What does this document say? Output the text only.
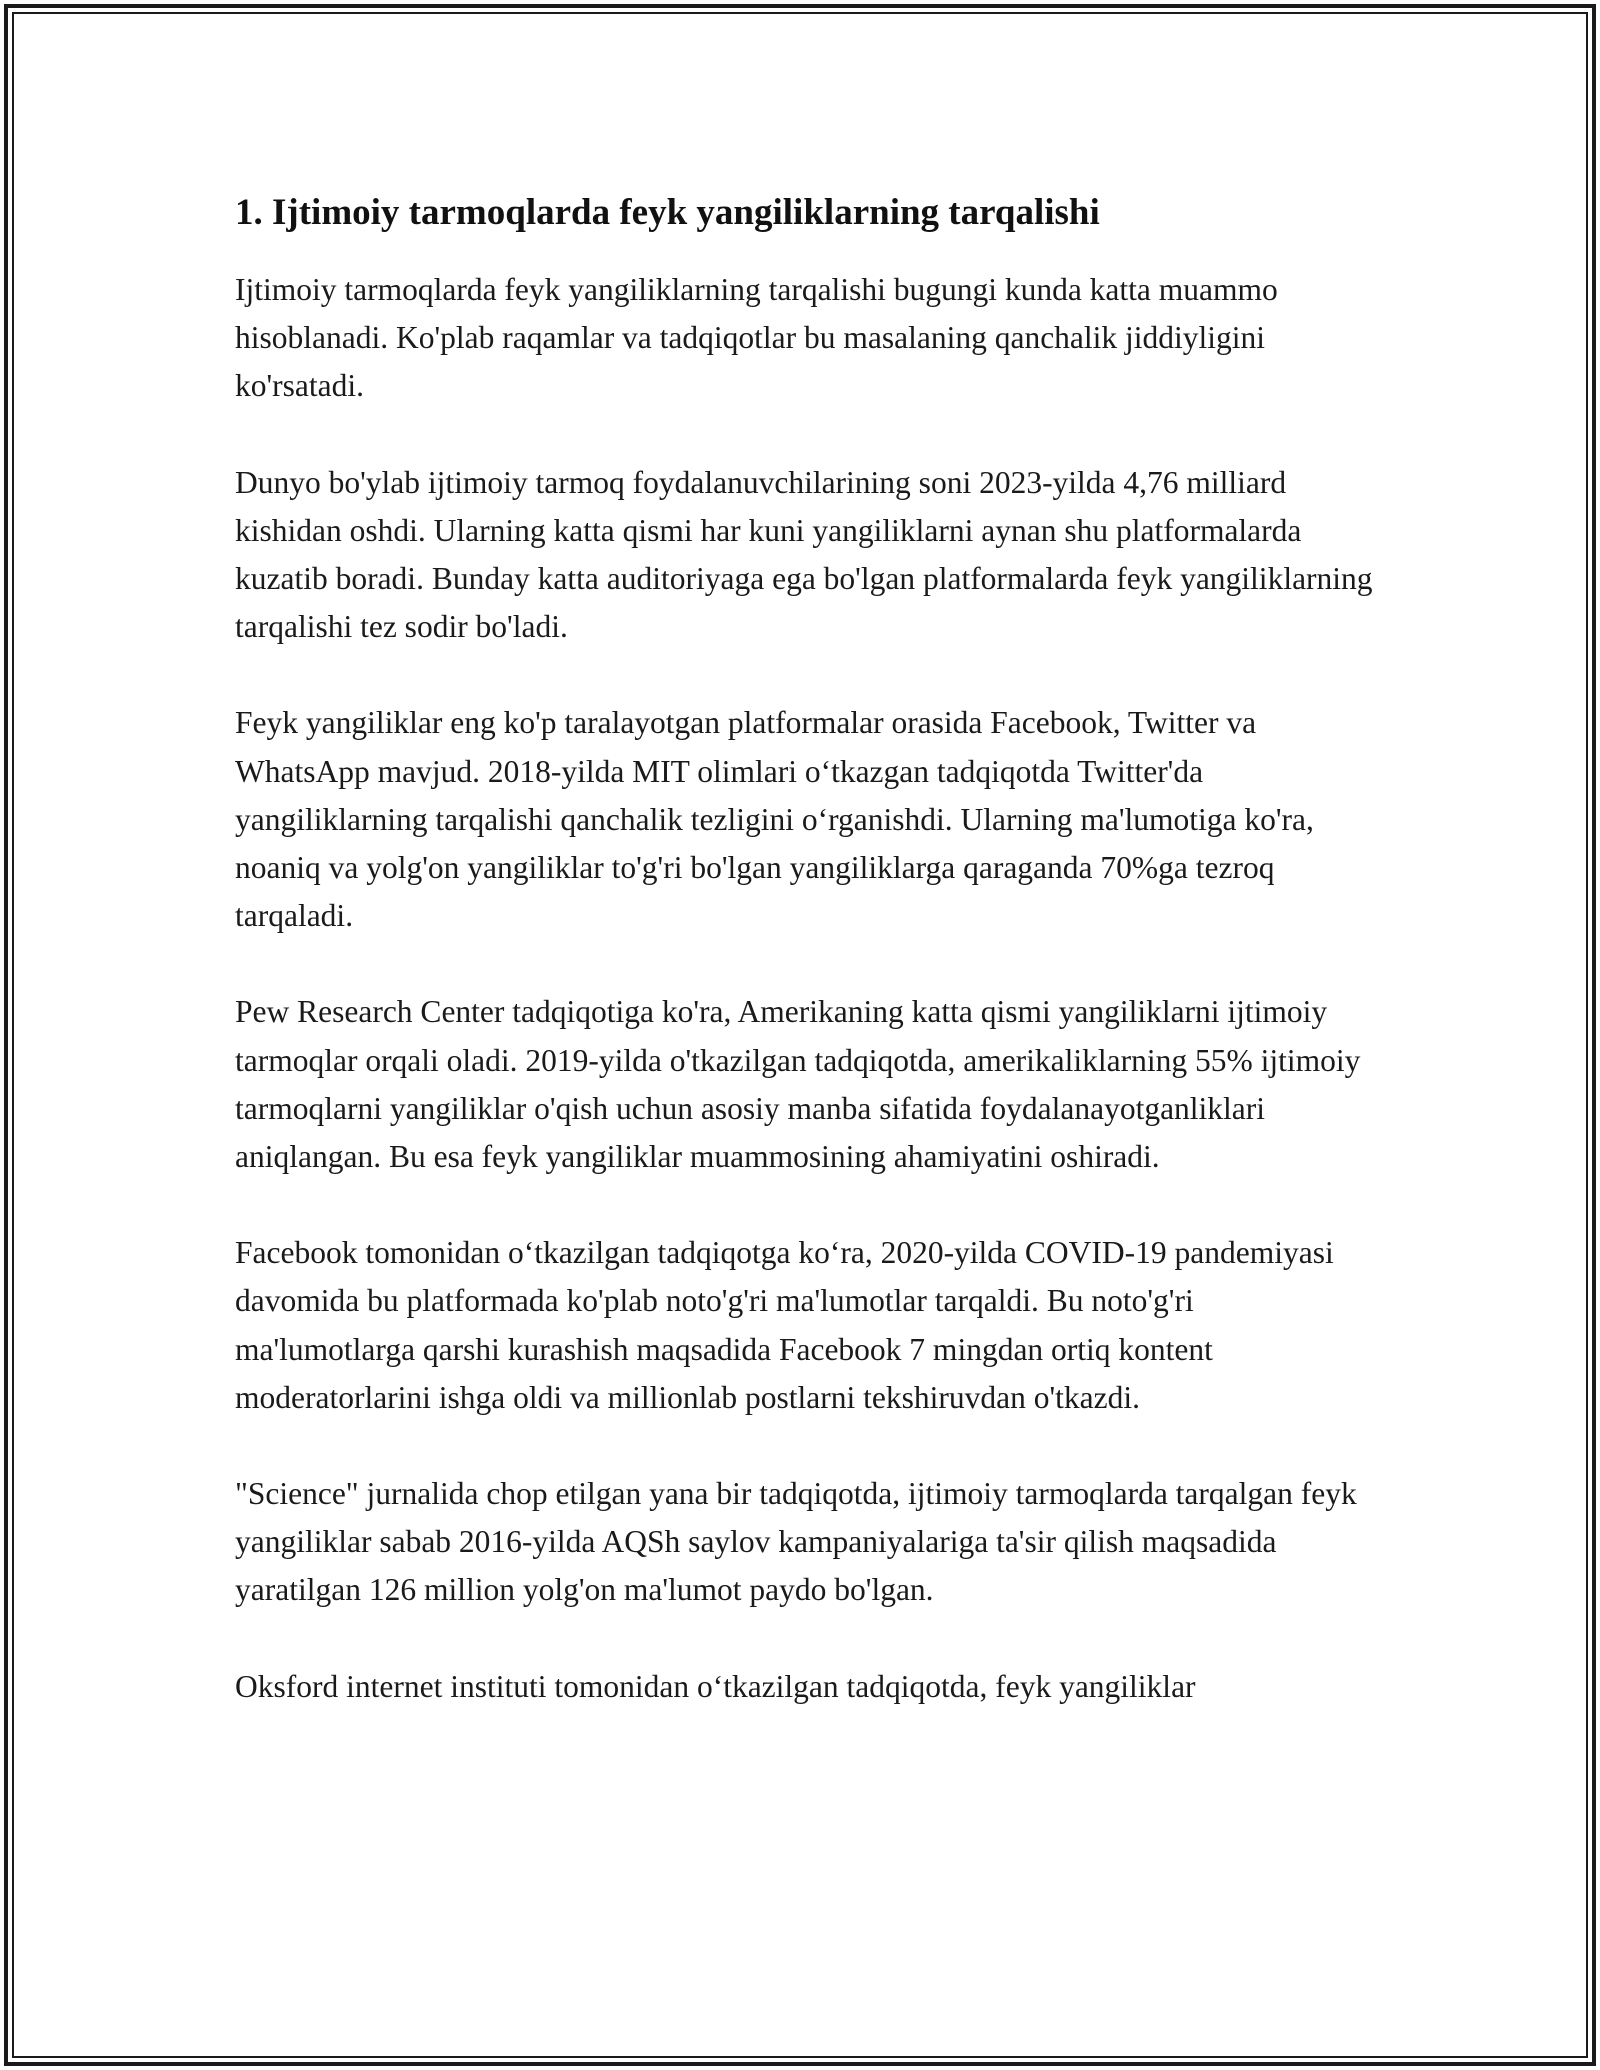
1. Ijtimoiy tarmoqlarda feyk yangiliklarning tarqalishi

Ijtimoiy tarmoqlarda feyk yangiliklarning tarqalishi bugungi kunda katta muammo hisoblanadi. Ko'plab raqamlar va tadqiqotlar bu masalaning qanchalik jiddiyligini ko'rsatadi.

Dunyo bo'ylab ijtimoiy tarmoq foydalanuvchilarining soni 2023-yilda 4,76 milliard kishidan oshdi. Ularning katta qismi har kuni yangiliklarni aynan shu platformalarda kuzatib boradi. Bunday katta auditoriyaga ega bo'lgan platformalarda feyk yangiliklarning tarqalishi tez sodir bo'ladi.

Feyk yangiliklar eng ko'p taralayotgan platformalar orasida Facebook, Twitter va WhatsApp mavjud. 2018-yilda MIT olimlari o‘tkazgan tadqiqotda Twitter'da yangiliklarning tarqalishi qanchalik tezligini o‘rganishdi. Ularning ma'lumotiga ko'ra, noaniq va yolg'on yangiliklar to'g'ri bo'lgan yangiliklarga qaraganda 70%ga tezroq tarqaladi.

Pew Research Center tadqiqotiga ko'ra, Amerikaning katta qismi yangiliklarni ijtimoiy tarmoqlar orqali oladi. 2019-yilda o'tkazilgan tadqiqotda, amerikaliklarning 55% ijtimoiy tarmoqlarni yangiliklar o'qish uchun asosiy manba sifatida foydalanayotganliklari aniqlangan. Bu esa feyk yangiliklar muammosining ahamiyatini oshiradi.

Facebook tomonidan o‘tkazilgan tadqiqotga ko‘ra, 2020-yilda COVID-19 pandemiyasi davomida bu platformada ko'plab noto'g'ri ma'lumotlar tarqaldi. Bu noto'g'ri ma'lumotlarga qarshi kurashish maqsadida Facebook 7 mingdan ortiq kontent moderatorlarini ishga oldi va millionlab postlarni tekshiruvdan o'tkazdi.

"Science" jurnalida chop etilgan yana bir tadqiqotda, ijtimoiy tarmoqlarda tarqalgan feyk yangiliklar sabab 2016-yilda AQSh saylov kampaniyalariga ta'sir qilish maqsadida yaratilgan 126 million yolg'on ma'lumot paydo bo'lgan.

Oksford internet instituti tomonidan o‘tkazilgan tadqiqotda, feyk yangiliklar
